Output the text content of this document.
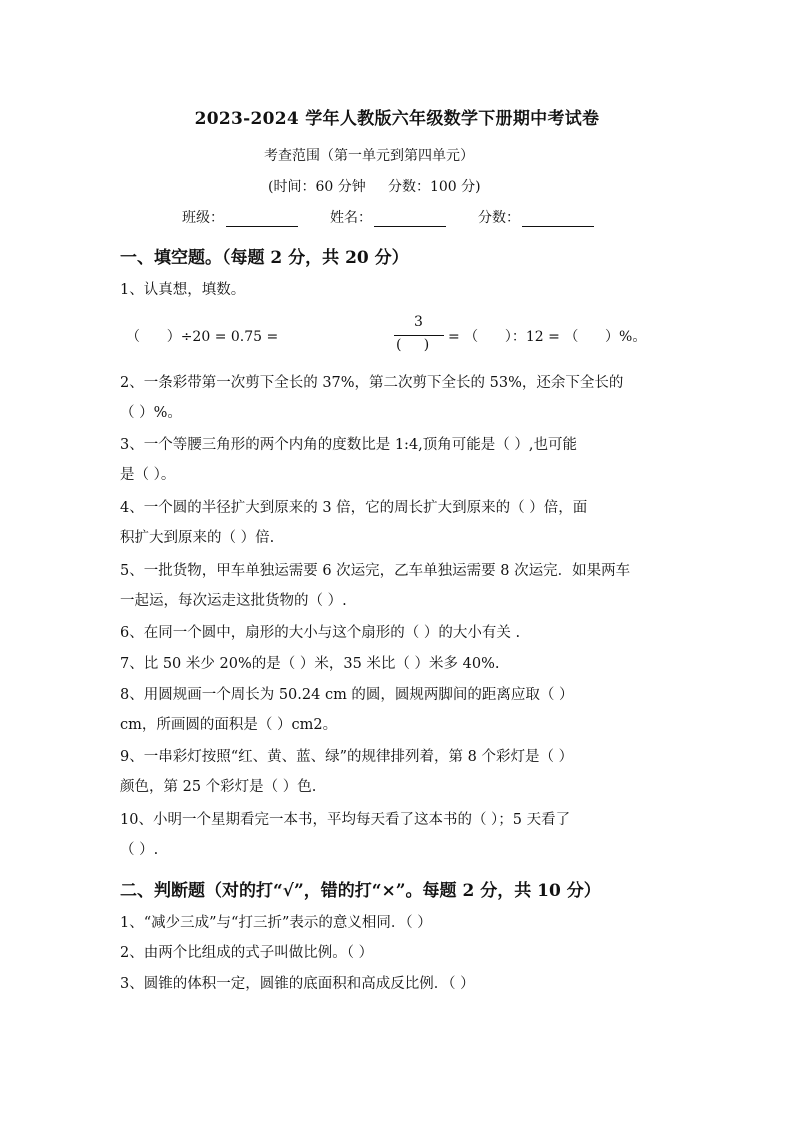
2023-2024 学年人教版六年级数学下册期中考试卷
考查范围（第一单元到第四单元）
(时间：60 分钟     分数：100 分)
班级：	姓名：	分数：
一、填空题。（每题 2 分，共 20 分）
1、认真想，填数。
（      ）÷20 = 0.75 =
3
(     ) = （      ）：12 = （      ）%。
2、一条彩带第一次剪下全长的 37%，第二次剪下全长的 53%，还余下全长的
（ ）%。
3、一个等腰三角形的两个内角的度数比是 1:4,顶角可能是（ ）,也可能
是（ ）。
4、一个圆的半径扩大到原来的 3 倍，它的周长扩大到原来的（ ）倍，面
积扩大到原来的（ ）倍.
5、一批货物，甲车单独运需要 6 次运完，乙车单独运需要 8 次运完．如果两车
一起运，每次运走这批货物的（ ）.
6、在同一个圆中，扇形的大小与这个扇形的（ ）的大小有关 .
7、比 50 米少 20%的是（ ）米，35 米比（ ）米多 40%.
8、用圆规画一个周长为 50.24 cm 的圆，圆规两脚间的距离应取（ ）
cm，所画圆的面积是（ ）cm2。
9、一串彩灯按照“红、黄、蓝、绿”的规律排列着，第 8 个彩灯是（ ）
颜色，第 25 个彩灯是（ ）色.
10、小明一个星期看完一本书，平均每天看了这本书的（ ）；5 天看了
（ ）.
二、判断题（对的打“√”，错的打“×”。每题 2 分，共 10 分）
1、“减少三成”与“打三折”表示的意义相同．（ ）
2、由两个比组成的式子叫做比例。（ ）
3、圆锥的体积一定，圆锥的底面积和高成反比例．（ ）
